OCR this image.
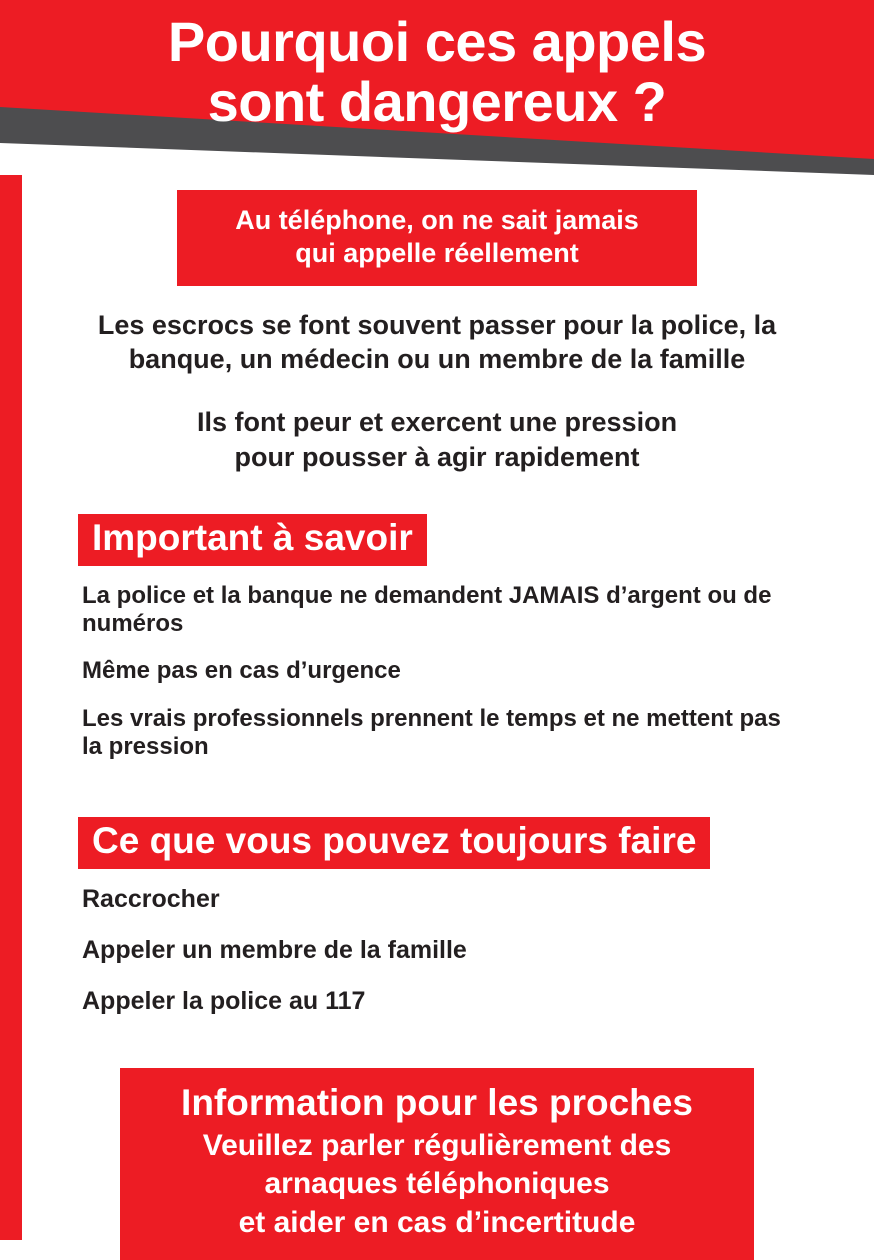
Pourquoi ces appels
sont dangereux ?
Au téléphone, on ne sait jamais
qui appelle réellement
Les escrocs se font souvent passer pour la police, la
banque, un médecin ou un membre de la famille
Ils font peur et exercent une pression
pour pousser à agir rapidement
Important à savoir
La police et la banque ne demandent JAMAIS d’argent ou de numéros
Même pas en cas d’urgence
Les vrais professionnels prennent le temps et ne mettent pas la pression
Ce que vous pouvez toujours faire
Raccrocher
Appeler un membre de la famille
Appeler la police au 117
Information pour les proches
Veuillez parler régulièrement des
arnaques téléphoniques
et aider en cas d’incertitude
